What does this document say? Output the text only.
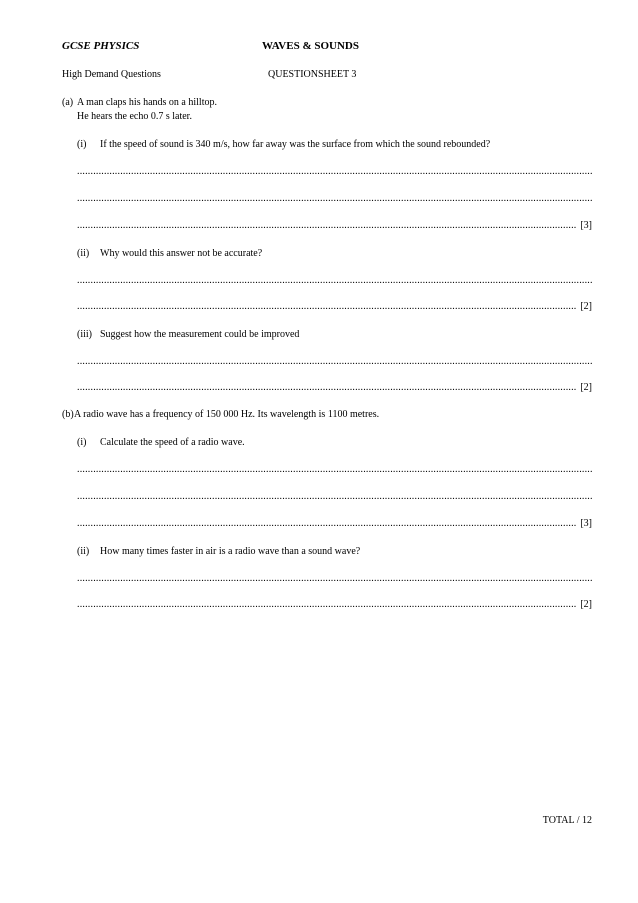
GCSE PHYSICS	WAVES & SOUNDS
High Demand Questions	QUESTIONSHEET 3
(a) A man claps his hands on a hilltop.
He hears the echo 0.7 s later.
(i) If the speed of sound is 340 m/s, how far away was the surface from which the sound rebounded?
.....
.....
.....
[3]
(ii) Why would this answer not be accurate?
.....
.....
[2]
(iii) Suggest how the measurement could be improved
.....
.....
[2]
(b) A radio wave has a frequency of 150 000 Hz. Its wavelength is 1100 metres.
(i) Calculate the speed of a radio wave.
.....
.....
.....
[3]
(ii) How many times faster in air is a radio wave than a sound wave?
.....
.....
[2]
TOTAL / 12
